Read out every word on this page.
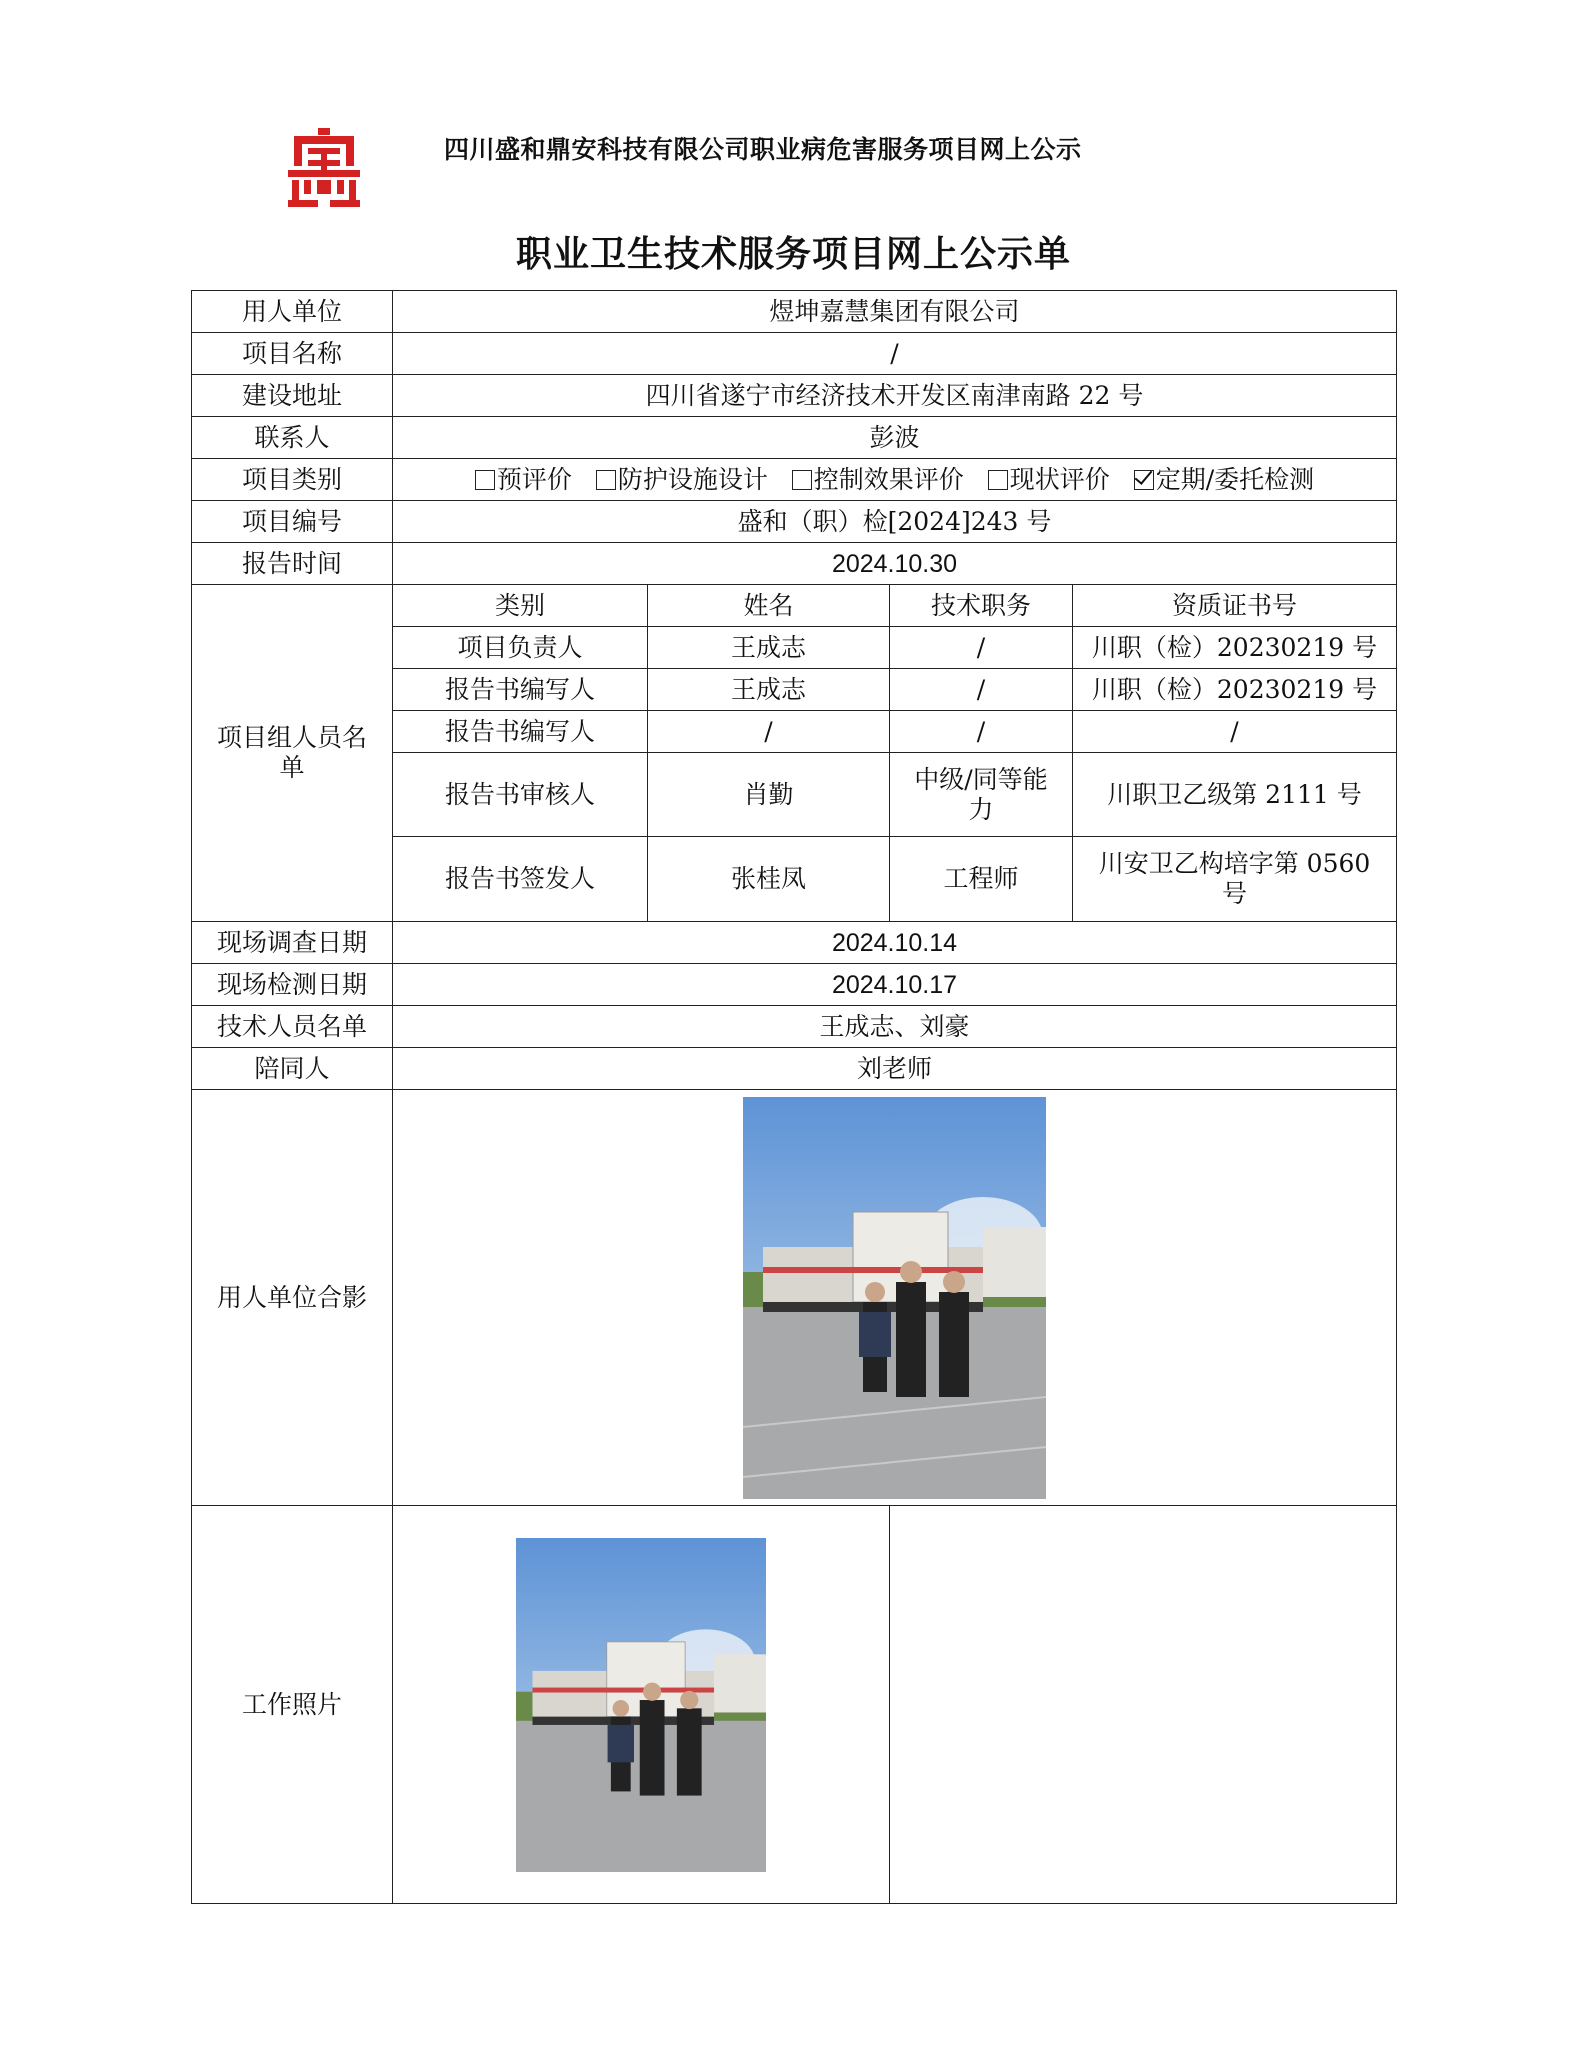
四川盛和鼎安科技有限公司职业病危害服务项目网上公示
职业卫生技术服务项目网上公示单
用人单位	煜坤嘉慧集团有限公司			
项目名称	/			
建设地址	四川省遂宁市经济技术开发区南津南路 22 号			
联系人	彭波			
项目类别	预评价 防护设施设计 控制效果评价 现状评价 定期/委托检测			
项目编号	盛和（职）检[2024]243 号			
报告时间	2024.10.30			
项目组人员名单	类别	姓名	技术职务	资质证书号
	项目负责人	王成志	/	川职（检）20230219 号
	报告书编写人	王成志	/	川职（检）20230219 号
	报告书编写人	/	/	/
	报告书审核人	肖勤	中级/同等能力	川职卫乙级第 2111 号
	报告书签发人	张桂凤	工程师	川安卫乙构培字第 0560 号
现场调查日期	2024.10.14			
现场检测日期	2024.10.17			
技术人员名单	王成志、刘豪			
陪同人	刘老师			
用人单位合影	

工作照片	
